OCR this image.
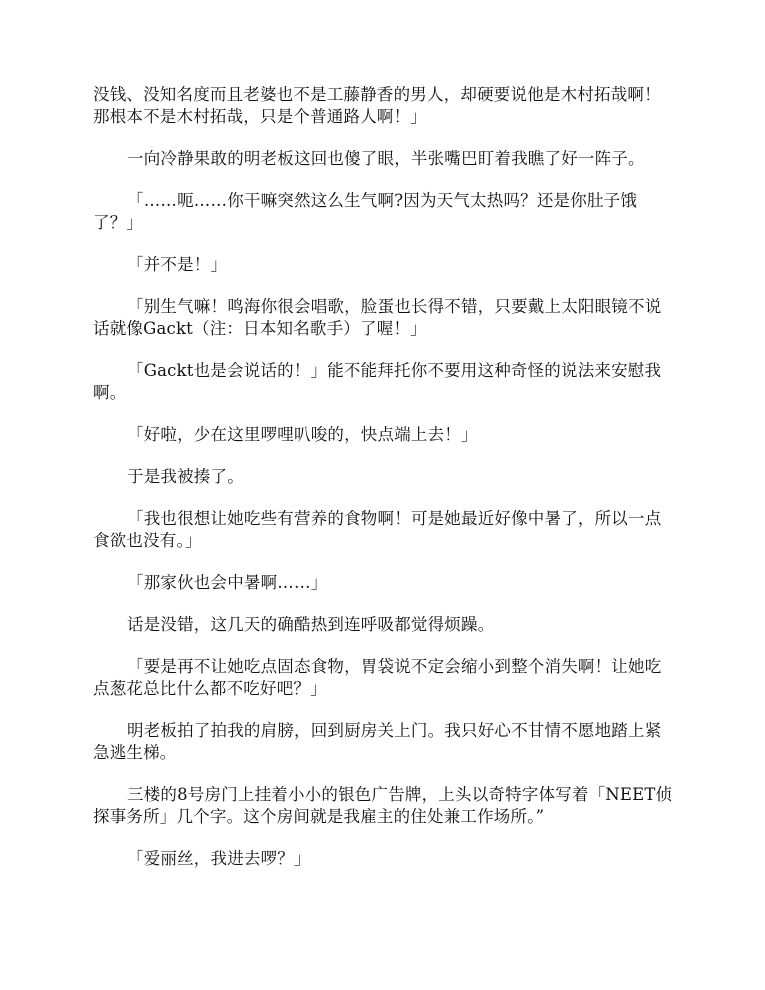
没钱、没知名度而且老婆也不是工藤静香的男人，却硬要说他是木村拓哉啊！那根本不是木村拓哉，只是个普通路人啊！」

一向冷静果敢的明老板这回也傻了眼，半张嘴巴盯着我瞧了好一阵子。

「……呃……你干嘛突然这么生气啊?因为天气太热吗？还是你肚子饿了？」

「并不是！」

「别生气嘛！鸣海你很会唱歌，脸蛋也长得不错，只要戴上太阳眼镜不说话就像Gackt（注：日本知名歌手）了喔！」

「Gackt也是会说话的！」能不能拜托你不要用这种奇怪的说法来安慰我啊。

「好啦，少在这里啰哩叭唆的，快点端上去！」

于是我被揍了。

「我也很想让她吃些有营养的食物啊！可是她最近好像中暑了，所以一点食欲也没有。」

「那家伙也会中暑啊……」

话是没错，这几天的确酷热到连呼吸都觉得烦躁。

「要是再不让她吃点固态食物，胃袋说不定会缩小到整个消失啊！让她吃点葱花总比什么都不吃好吧？」

明老板拍了拍我的肩膀，回到厨房关上门。我只好心不甘情不愿地踏上紧急逃生梯。

三楼的8号房门上挂着小小的银色广告牌，上头以奇特字体写着「NEET侦探事务所」几个字。这个房间就是我雇主的住处兼工作场所。”

「爱丽丝，我进去啰？」
